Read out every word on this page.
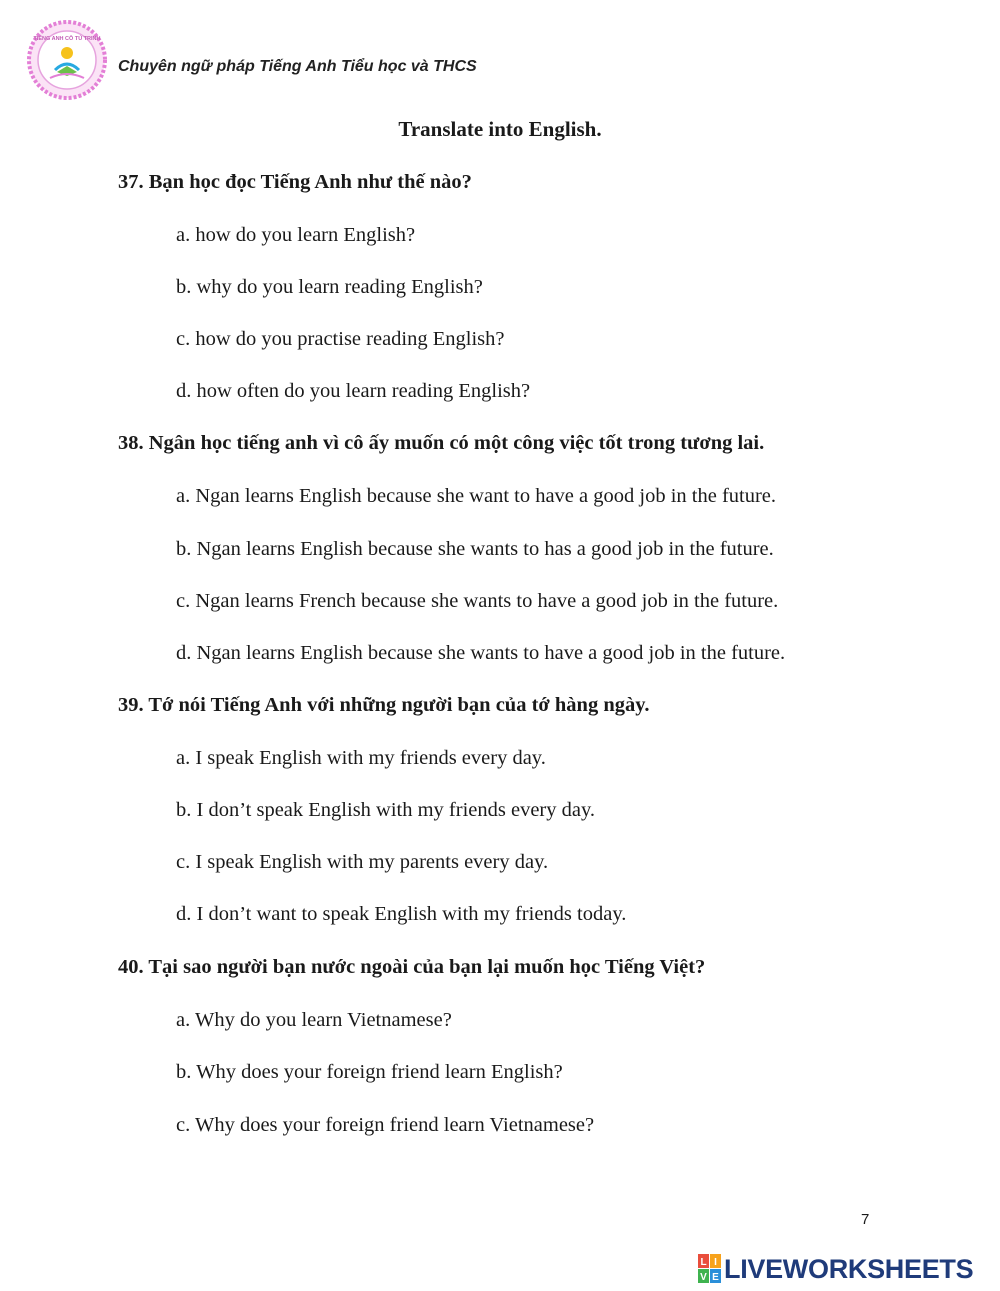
TIẾNG ANH CÔ TÚ TRINH
Chuyên ngữ pháp Tiếng Anh Tiểu học và THCS
Translate into English.
37. Bạn học đọc Tiếng Anh như thế nào?
a. how do you learn English?
b. why do you learn reading English?
c. how do you practise reading English?
d. how often do you learn reading English?
38. Ngân học tiếng anh vì cô ấy muốn có một công việc tốt trong tương lai.
a. Ngan learns English because she want to have a good job in the future.
b. Ngan learns English because she wants to has a good job in the future.
c. Ngan learns French because she wants to have a good job in the future.
d. Ngan learns English because she wants to have a good job in the future.
39. Tớ nói Tiếng Anh với những người bạn của tớ hàng ngày.
a. I speak English with my friends every day.
b. I don’t speak English with my friends every day.
c. I speak English with my parents every day.
d. I don’t want to speak English with my friends today.
40. Tại sao người bạn nước ngoài của bạn lại muốn học Tiếng Việt?
a. Why do you learn Vietnamese?
b. Why does your foreign friend learn English?
c. Why does your foreign friend learn Vietnamese?
7
L I
V E LIVEWORKSHEETS
